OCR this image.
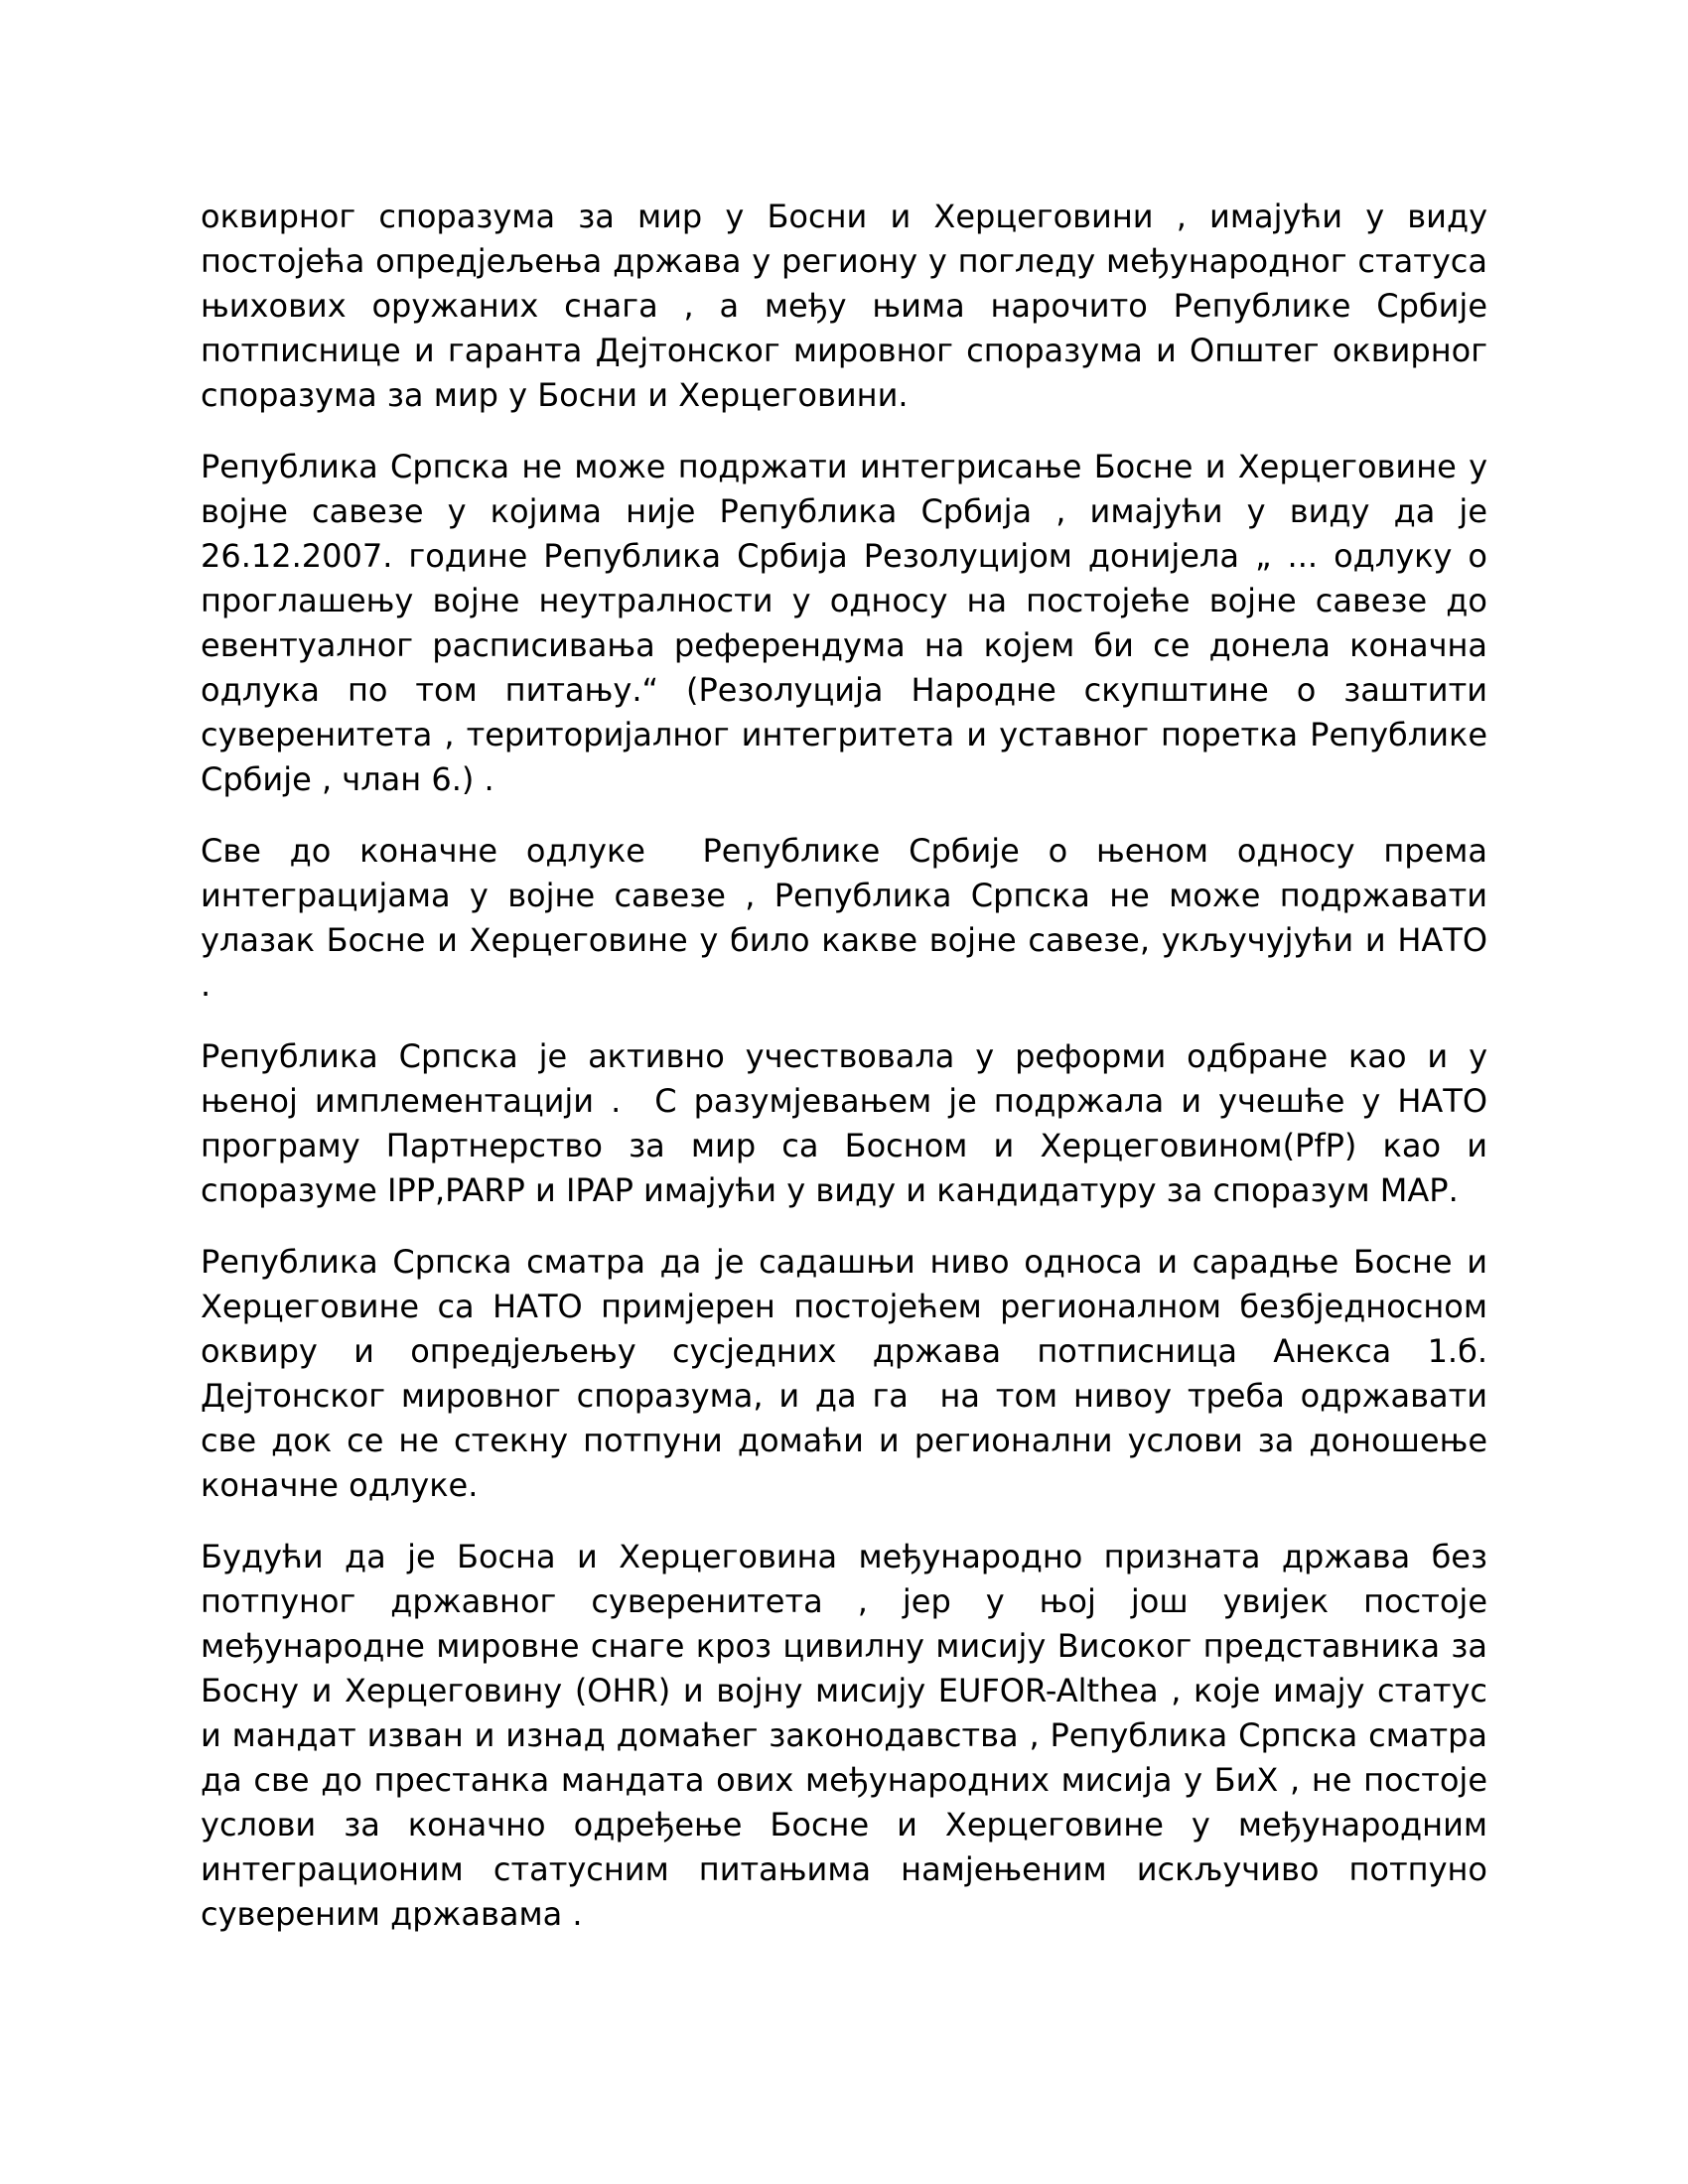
оквирног споразума за мир у Босни и Херцеговини , имајући у виду постојећа опредјељења држава у региону у погледу међународног статуса њихових оружаних снага , а међу њима нарочито Републике Србије потписнице и гаранта Дејтонског мировног споразума и Општег оквирног споразума за мир у Босни и Херцеговини.

Република Српска не може подржати интегрисање Босне и Херцеговине у војне савезе у којима није Република Србија , имајући у виду да је 26.12.2007. године Република Србија Резолуцијом донијела „ ... одлуку о проглашењу војне неутралности у односу на постојеће војне савезе до евентуалног расписивања референдума на којем би се донела коначна одлука по том питању.“ (Резолуција Народне скупштине о заштити суверенитета , територијалног интегритета и уставног поретка Републике Србије , члан 6.) .

Све до коначне одлуке  Републике Србије о њеном односу према интеграцијама у војне савезе , Република Српска не може подржавати улазак Босне и Херцеговине у било какве војне савезе, укључујући и НАТО .

Република Српска је активно учествовала у реформи одбране као и у њеној имплементацији .  С разумјевањем је подржала и учешће у НАТО програму Партнерство за мир са Босном и Херцеговином(PfP) као и споразуме IPP,PARP и IPAP имајући у виду и кандидатуру за споразум МАР.

Република Српска сматра да је садашњи ниво односа и сарадње Босне и Херцеговине са НАТО примјерен постојећем регионалном безбједносном оквиру и опредјељењу сусједних држава потписница Анекса 1.б. Дејтонског мировног споразума, и да га  на том нивоу треба одржавати све док се не стекну потпуни домаћи и регионални услови за доношење коначне одлуке.

Будући да је Босна и Херцеговина међународно призната држава без потпуног државног суверенитета , јер у њој још увијек постоје међународне мировне снаге кроз цивилну мисију Високог представника за Босну и Херцеговину (OHR) и војну мисију EUFOR-Althea , које имају статус и мандат изван и изнад домаћег законодавства , Република Српска сматра да све до престанка мандата ових међународних мисија у БиХ , не постоје услови за коначно одређење Босне и Херцеговине у међународним интеграционим статусним питањима намјењеним искључиво потпуно сувереним државама .
